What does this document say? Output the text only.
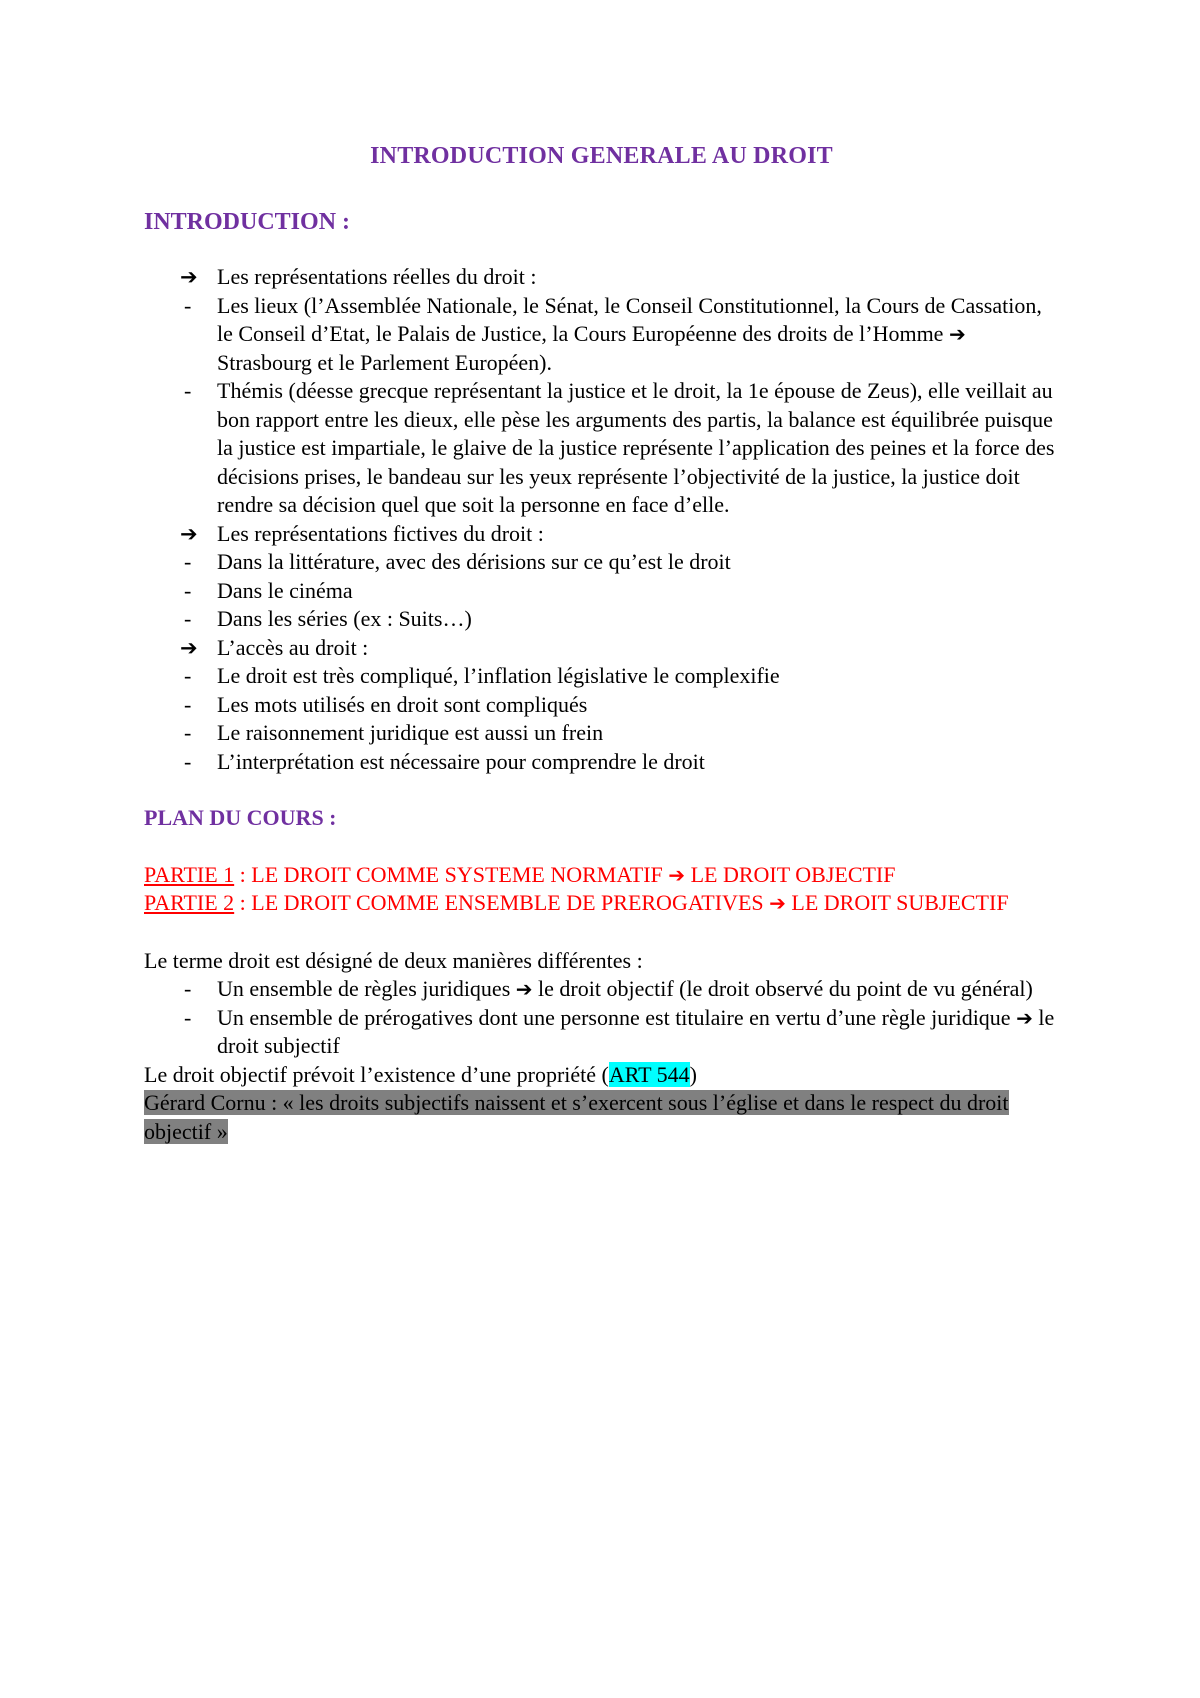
INTRODUCTION GENERALE AU DROIT
INTRODUCTION :
➔ Les représentations réelles du droit :
-	Les lieux (l’Assemblée Nationale, le Sénat, le Conseil Constitutionnel, la Cours de Cassation, le Conseil d’Etat, le Palais de Justice, la Cours Européenne des droits de l’Homme ➔ Strasbourg et le Parlement Européen).
-	Thémis (déesse grecque représentant la justice et le droit, la 1e épouse de Zeus), elle veillait au bon rapport entre les dieux, elle pèse les arguments des partis, la balance est équilibrée puisque la justice est impartiale, le glaive de la justice représente l’application des peines et la force des décisions prises, le bandeau sur les yeux représente l’objectivité de la justice, la justice doit rendre sa décision quel que soit la personne en face d’elle.
➔ Les représentations fictives du droit :
-	Dans la littérature, avec des dérisions sur ce qu’est le droit
-	Dans le cinéma
-	Dans les séries (ex : Suits…)
➔ L’accès au droit :
-	Le droit est très compliqué, l’inflation législative le complexifie
-	Les mots utilisés en droit sont compliqués
-	Le raisonnement juridique est aussi un frein
-	L’interprétation est nécessaire pour comprendre le droit
PLAN DU COURS :
PARTIE 1 : LE DROIT COMME SYSTEME NORMATIF ➔ LE DROIT OBJECTIF
PARTIE 2 : LE DROIT COMME ENSEMBLE DE PREROGATIVES ➔ LE DROIT SUBJECTIF
Le terme droit est désigné de deux manières différentes :
-	Un ensemble de règles juridiques ➔ le droit objectif (le droit observé du point de vu général)
-	Un ensemble de prérogatives dont une personne est titulaire en vertu d’une règle juridique ➔ le droit subjectif
Le droit objectif prévoit l’existence d’une propriété (ART 544)
Gérard Cornu : « les droits subjectifs naissent et s’exercent sous l’église et dans le respect du droit objectif »
